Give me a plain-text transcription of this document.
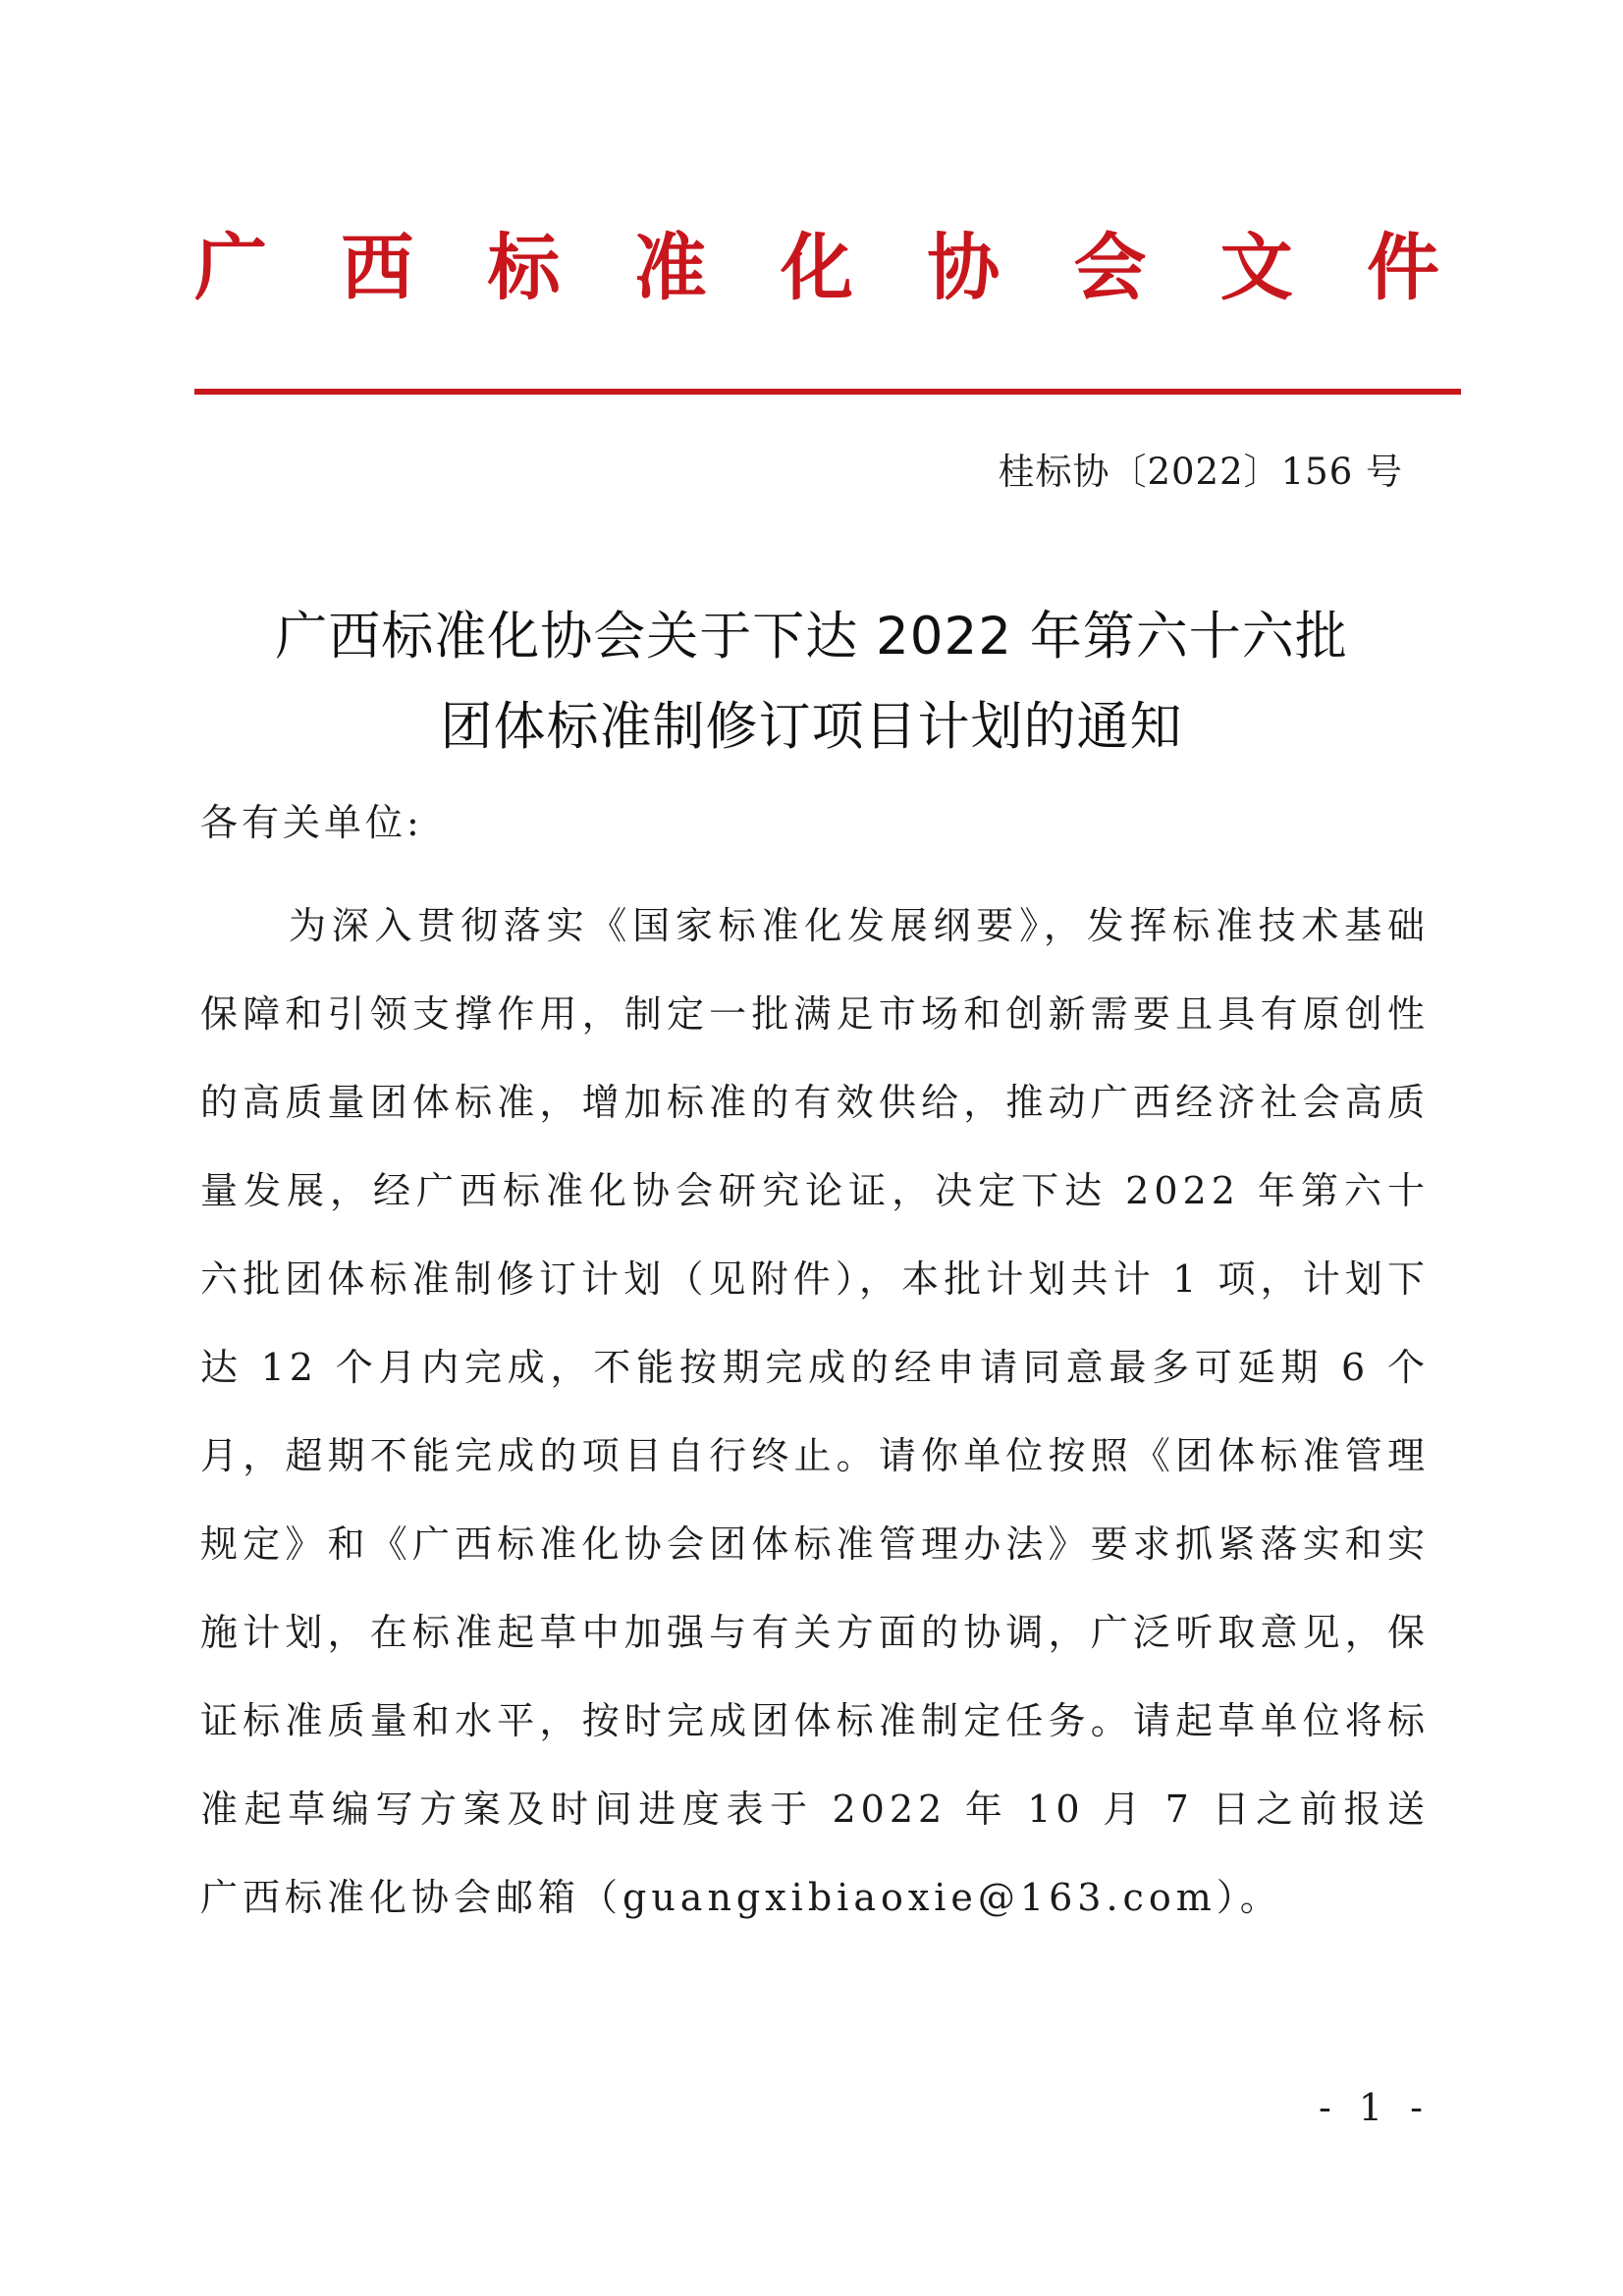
广 西 标 准 化 协 会 文 件
桂标协〔2022〕156 号
广西标准化协会关于下达 2022 年第六十六批
团体标准制修订项目计划的通知
各有关单位:

为深入贯彻落实《国家标准化发展纲要》，发挥标准技术基础保障和引领支撑作用，制定一批满足市场和创新需要且具有原创性的高质量团体标准，增加标准的有效供给，推动广西经济社会高质量发展，经广西标准化协会研究论证，决定下达 2022 年第六十六批团体标准制修订计划（见附件），本批计划共计 1 项，计划下达 12 个月内完成，不能按期完成的经申请同意最多可延期 6 个月，超期不能完成的项目自行终止。请你单位按照《团体标准管理规定》和《广西标准化协会团体标准管理办法》要求抓紧落实和实施计划，在标准起草中加强与有关方面的协调，广泛听取意见，保证标准质量和水平，按时完成团体标准制定任务。请起草单位将标准起草编写方案及时间进度表于 2022 年 10 月 7 日之前报送广西标准化协会邮箱（guangxibiaoxie@163.com）。

- 1 -
